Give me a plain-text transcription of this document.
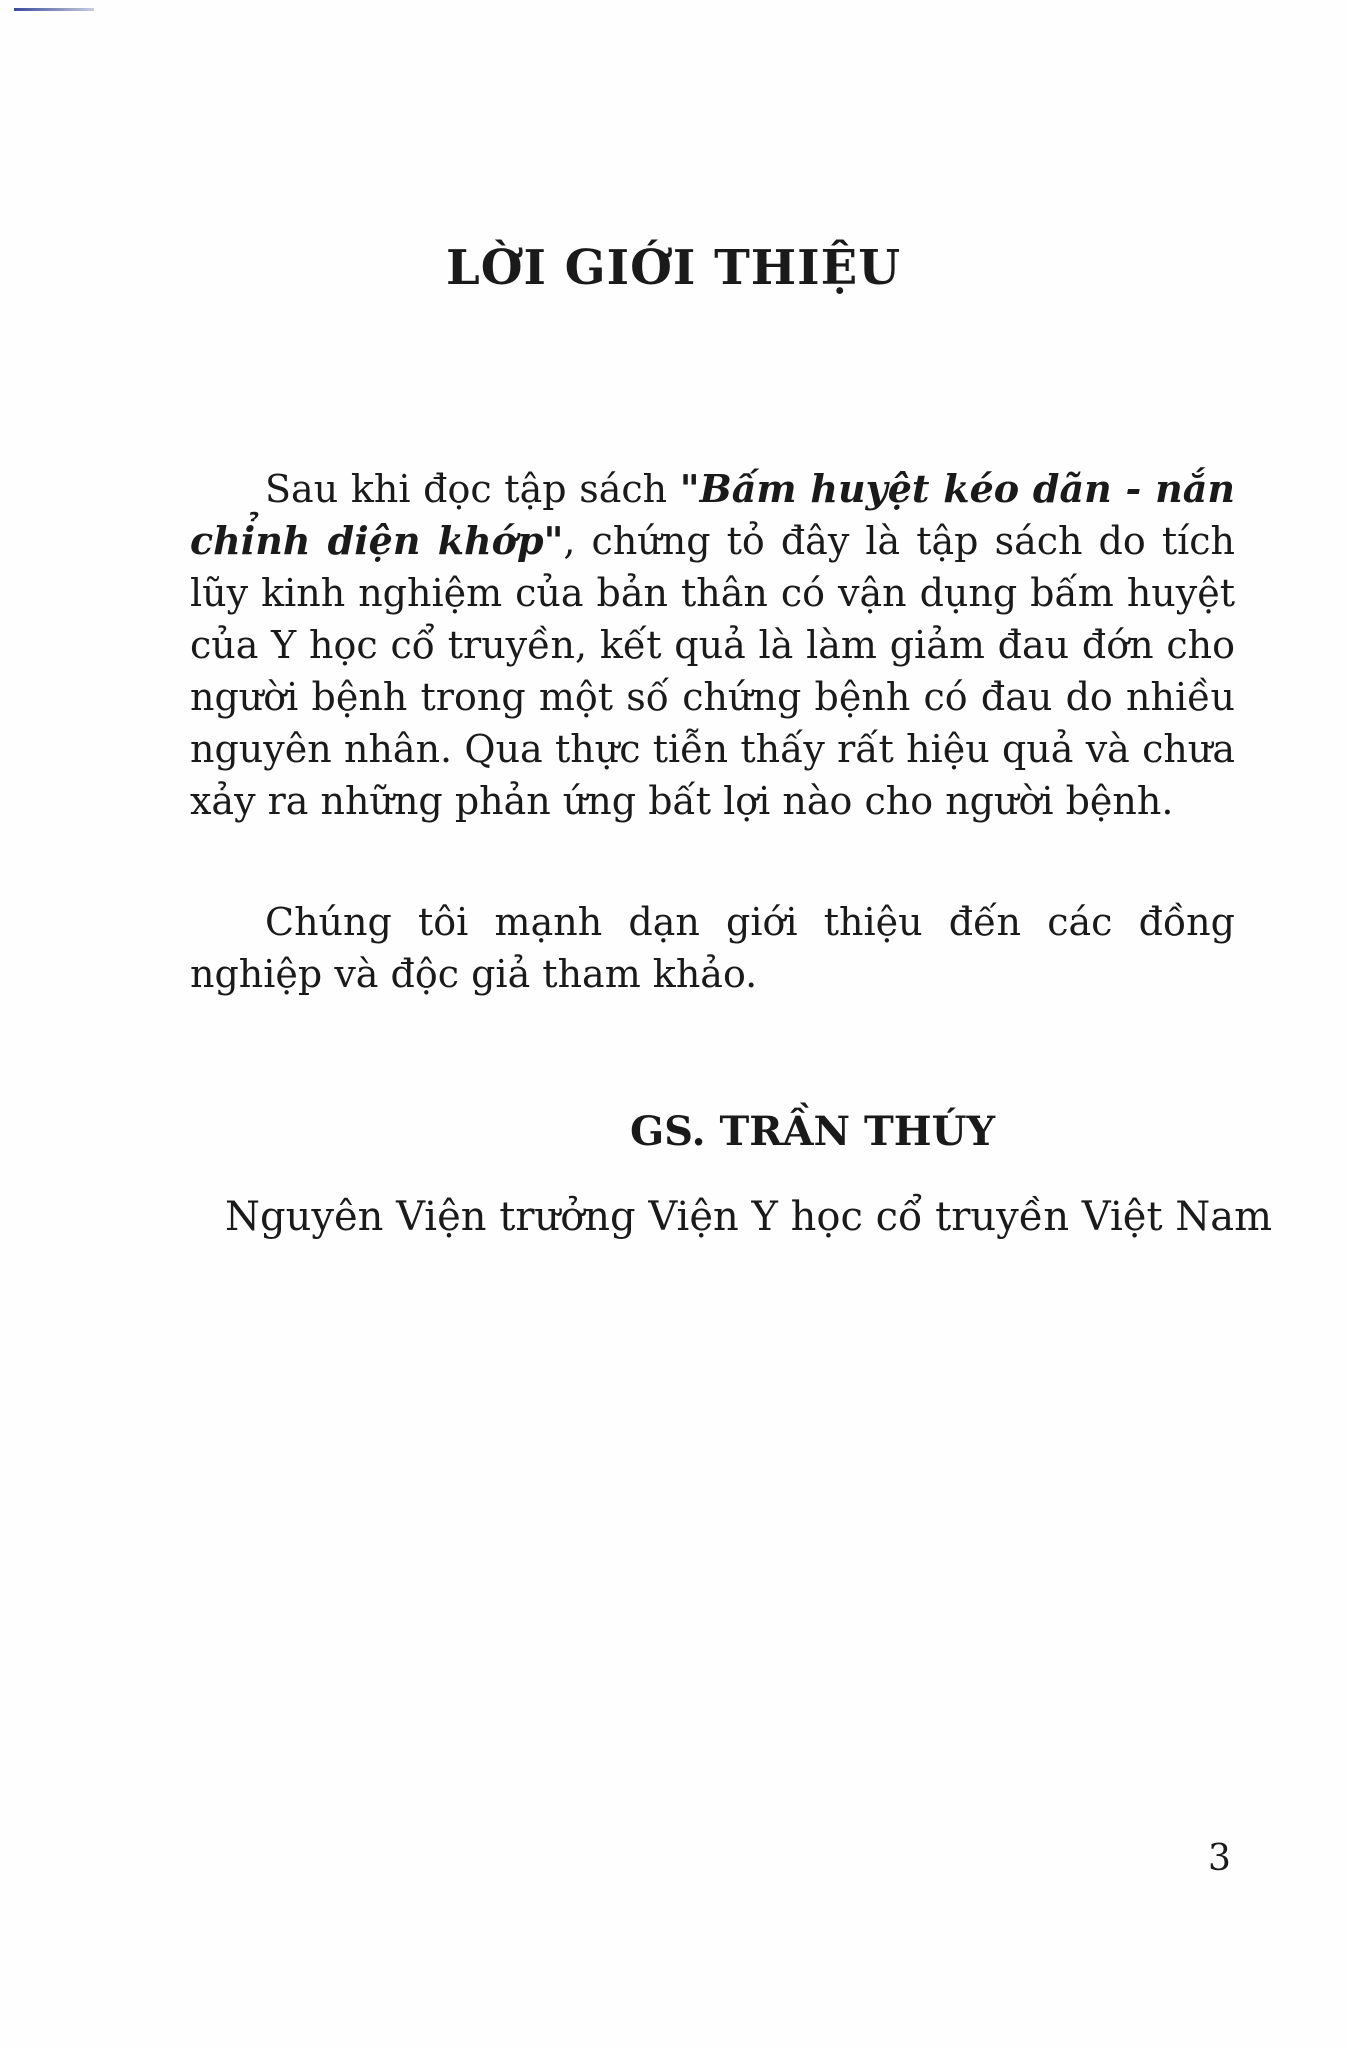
LỜI GIỚI THIỆU

Sau khi đọc tập sách "Bấm huyệt kéo dãn - nắn chỉnh diện khớp", chứng tỏ đây là tập sách do tích lũy kinh nghiệm của bản thân có vận dụng bấm huyệt của Y học cổ truyền, kết quả là làm giảm đau đớn cho người bệnh trong một số chứng bệnh có đau do nhiều nguyên nhân. Qua thực tiễn thấy rất hiệu quả và chưa xảy ra những phản ứng bất lợi nào cho người bệnh.

Chúng tôi mạnh dạn giới thiệu đến các đồng nghiệp và độc giả tham khảo.

GS. TRẦN THÚY
Nguyên Viện trưởng Viện Y học cổ truyền Việt Nam
3
